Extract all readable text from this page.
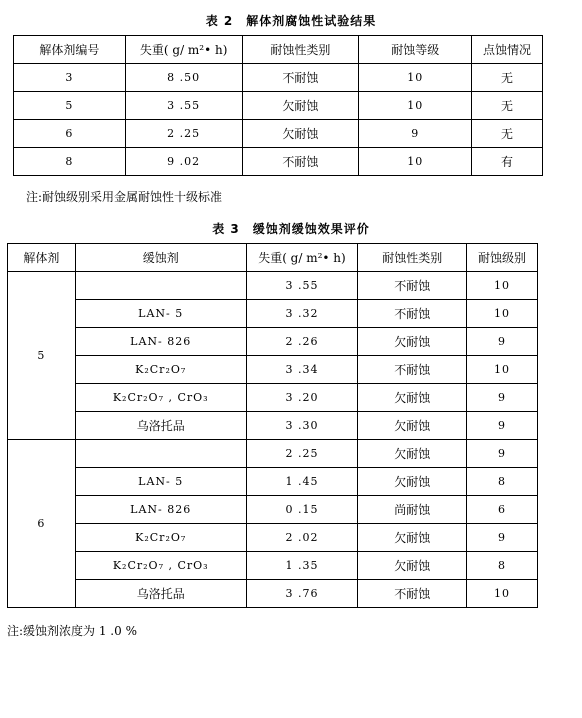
表 2　解体剂腐蚀性试验结果
解体剂编号	失重( g/ m²• h)	耐蚀性类别	耐蚀等级	点蚀情况
3	8 .50	不耐蚀	10	无
5	3 .55	欠耐蚀	10	无
6	2 .25	欠耐蚀	9	无
8	9 .02	不耐蚀	10	有
注:耐蚀级别采用金属耐蚀性十级标准
表 3　缓蚀剂缓蚀效果评价
解体剂	缓蚀剂	失重( g/ m²• h)	耐蚀性类别	耐蚀级别
5		3 .55	不耐蚀	10
	LAN- 5	3 .32	不耐蚀	10
	LAN- 826	2 .26	欠耐蚀	9
	K₂Cr₂O₇	3 .34	不耐蚀	10
	K₂Cr₂O₇ , CrO₃	3 .20	欠耐蚀	9
	乌洛托品	3 .30	欠耐蚀	9
6		2 .25	欠耐蚀	9
	LAN- 5	1 .45	欠耐蚀	8
	LAN- 826	0 .15	尚耐蚀	6
	K₂Cr₂O₇	2 .02	欠耐蚀	9
	K₂Cr₂O₇ , CrO₃	1 .35	欠耐蚀	8
	乌洛托品	3 .76	不耐蚀	10
注:缓蚀剂浓度为 1 .0 %
